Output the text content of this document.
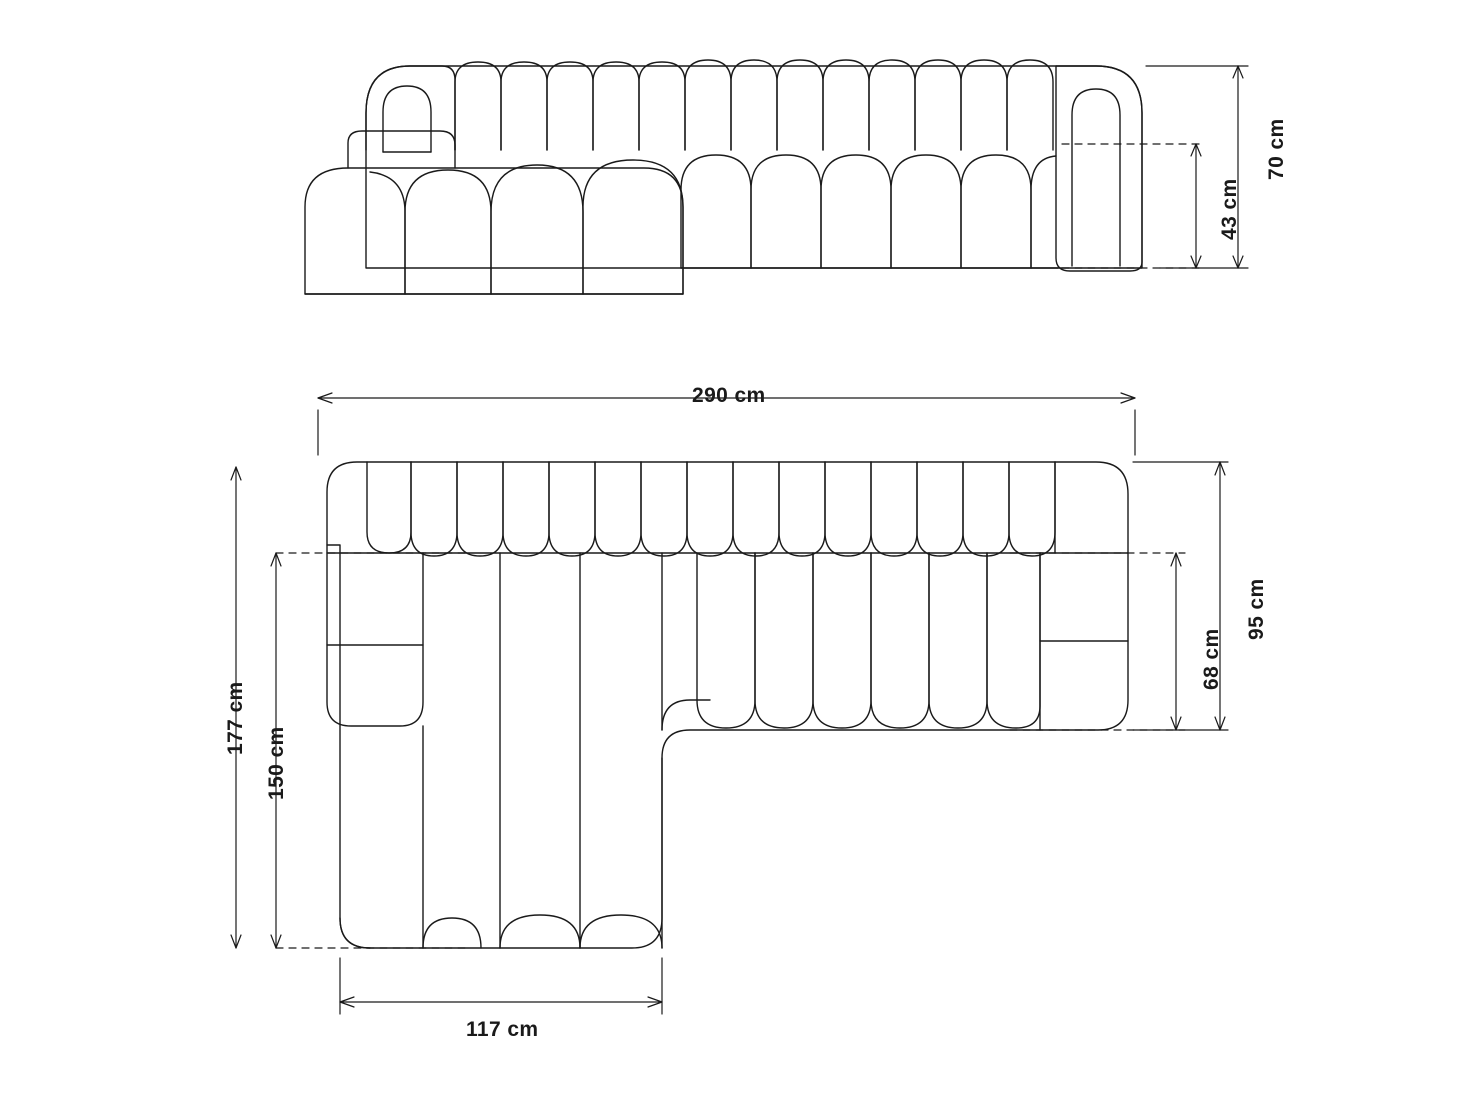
70 cm
43 cm
290 cm
177 cm
150 cm
117 cm
95 cm
68 cm
